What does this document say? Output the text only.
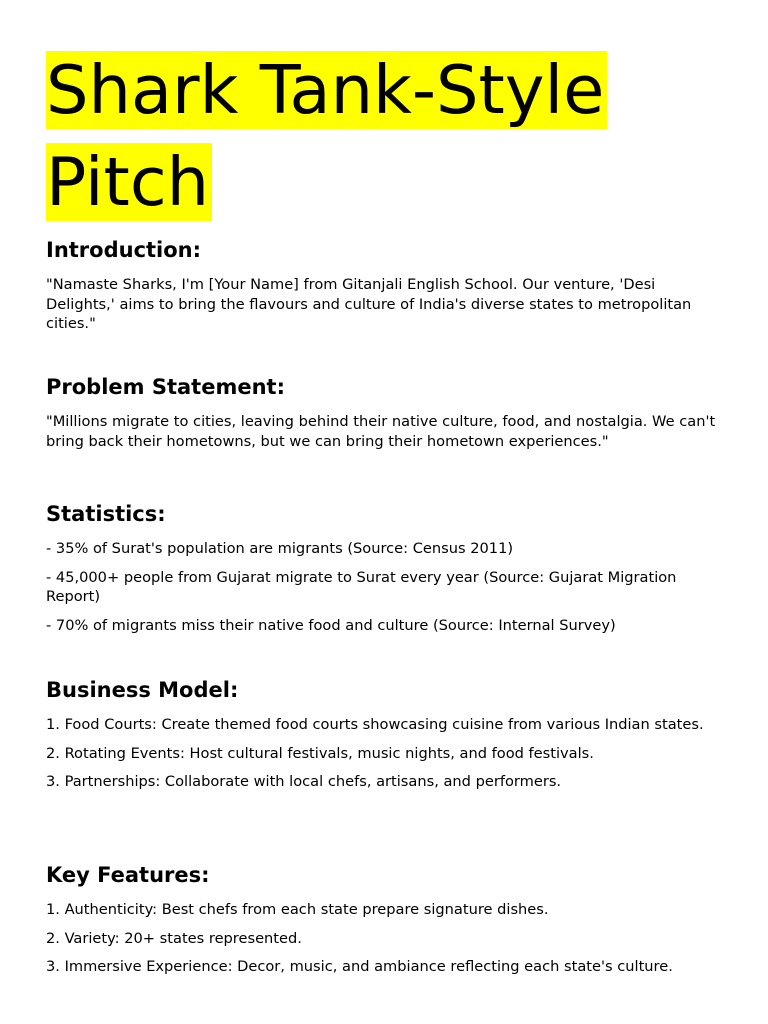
Shark Tank-Style Pitch
Introduction:

"Namaste Sharks, I'm [Your Name] from Gitanjali English School. Our venture, 'Desi Delights,' aims to bring the flavours and culture of India's diverse states to metropolitan cities."

Problem Statement:

"Millions migrate to cities, leaving behind their native culture, food, and nostalgia. We can't bring back their hometowns, but we can bring their hometown experiences."

Statistics:

- 35% of Surat's population are migrants (Source: Census 2011)

- 45,000+ people from Gujarat migrate to Surat every year (Source: Gujarat Migration Report)

- 70% of migrants miss their native food and culture (Source: Internal Survey)

Business Model:

1. Food Courts: Create themed food courts showcasing cuisine from various Indian states.

2. Rotating Events: Host cultural festivals, music nights, and food festivals.

3. Partnerships: Collaborate with local chefs, artisans, and performers.

Key Features:

1. Authenticity: Best chefs from each state prepare signature dishes.

2. Variety: 20+ states represented.

3. Immersive Experience: Decor, music, and ambiance reflecting each state's culture.
